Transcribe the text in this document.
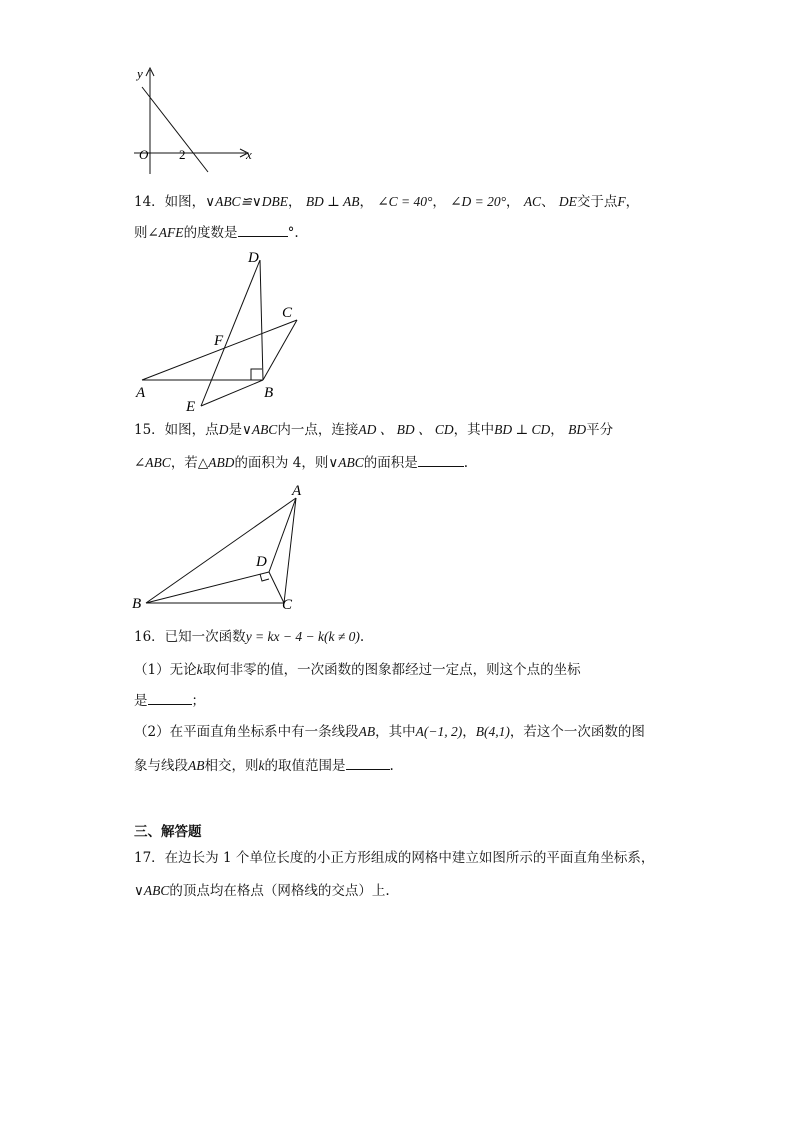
y
O 2	x
14．如图，∨ABC≌∨DBE， BD ⊥ AB， ∠C = 40°， ∠D = 20°， AC、 DE交于点F，
则∠AFE的度数是	°.
A	B
C
D
E
F
15．如图，点D是∨ABC内一点，连接AD 、 BD 、 CD，其中BD ⊥ CD， BD平分
∠ABC，若△ABD的面积为 4，则∨ABC的面积是	.
A
B	C
D
16．已知一次函数y = kx − 4 − k(k ≠ 0).
（1）无论k取何非零的值，一次函数的图象都经过一定点，则这个点的坐标
是	；
（2）在平面直角坐标系中有一条线段AB，其中A(−1, 2)，B(4,1)，若这个一次函数的图
象与线段AB相交，则k的取值范围是	.
三、解答题
17．在边长为 1 个单位长度的小正方形组成的网格中建立如图所示的平面直角坐标系，
∨ABC的顶点均在格点（网格线的交点）上.
